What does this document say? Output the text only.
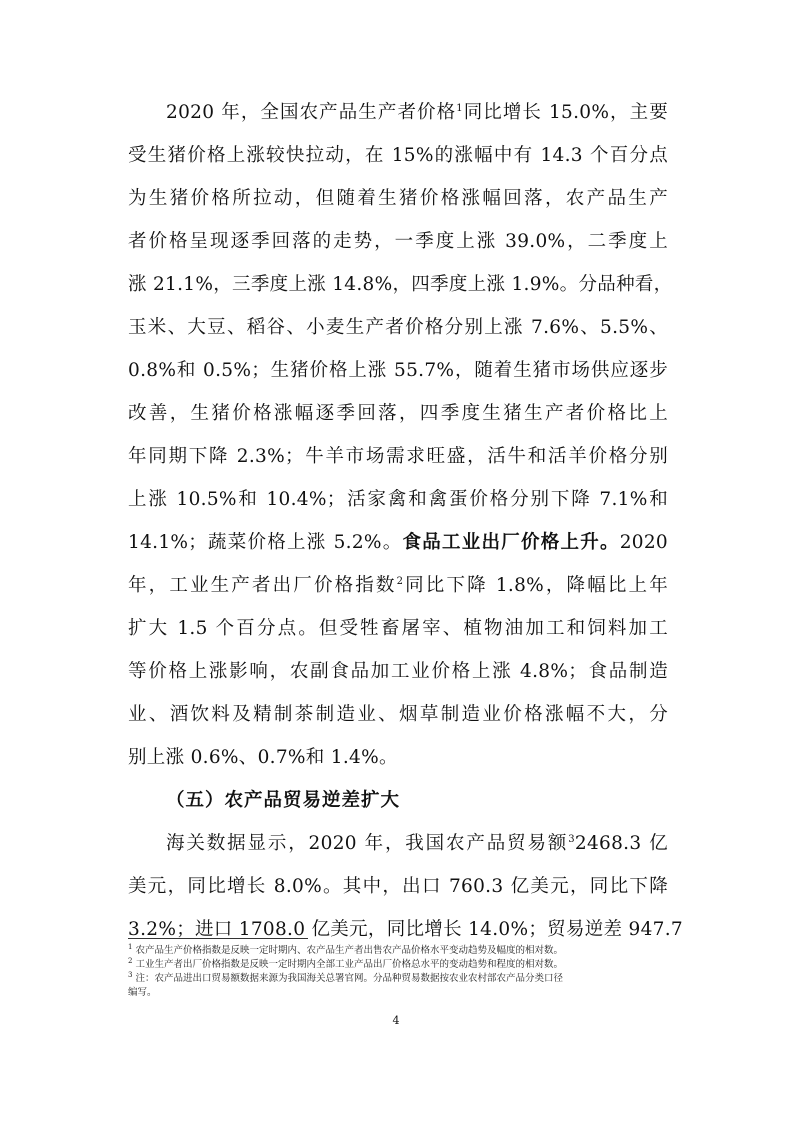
2020 年，全国农产品生产者价格$^1$同比增长 15.0%，主要
受生猪价格上涨较快拉动，在 15%的涨幅中有 14.3 个百分点
为生猪价格所拉动，但随着生猪价格涨幅回落，农产品生产
者价格呈现逐季回落的走势，一季度上涨 39.0%，二季度上
涨 21.1%，三季度上涨 14.8%，四季度上涨 1.9%。分品种看，
玉米、大豆、稻谷、小麦生产者价格分别上涨 7.6%、5.5%、
0.8%和 0.5%；生猪价格上涨 55.7%，随着生猪市场供应逐步
改善，生猪价格涨幅逐季回落，四季度生猪生产者价格比上
年同期下降 2.3%；牛羊市场需求旺盛，活牛和活羊价格分别
上涨 10.5%和 10.4%；活家禽和禽蛋价格分别下降 7.1%和
14.1%；蔬菜价格上涨 5.2%。食品工业出厂价格上升。2020
年，工业生产者出厂价格指数$^2$同比下降 1.8%，降幅比上年
扩大 1.5 个百分点。但受牲畜屠宰、植物油加工和饲料加工
等价格上涨影响，农副食品加工业价格上涨 4.8%；食品制造
业、酒饮料及精制茶制造业、烟草制造业价格涨幅不大，分
别上涨 0.6%、0.7%和 1.4%。
（五）农产品贸易逆差扩大
海关数据显示，2020 年，我国农产品贸易额$^3$2468.3 亿
美元，同比增长 8.0%。其中，出口 760.3 亿美元，同比下降
3.2%；进口 1708.0 亿美元，同比增长 14.0%；贸易逆差 947.7
$^1$ 农产品生产价格指数是反映一定时期内、农产品生产者出售农产品价格水平变动趋势及幅度的相对数。
$^2$ 工业生产者出厂价格指数是反映一定时期内全部工业产品出厂价格总水平的变动趋势和程度的相对数。
$^3$ 注：农产品进出口贸易额数据来源为我国海关总署官网。分品种贸易数据按农业农村部农产品分类口径
编写。
4
